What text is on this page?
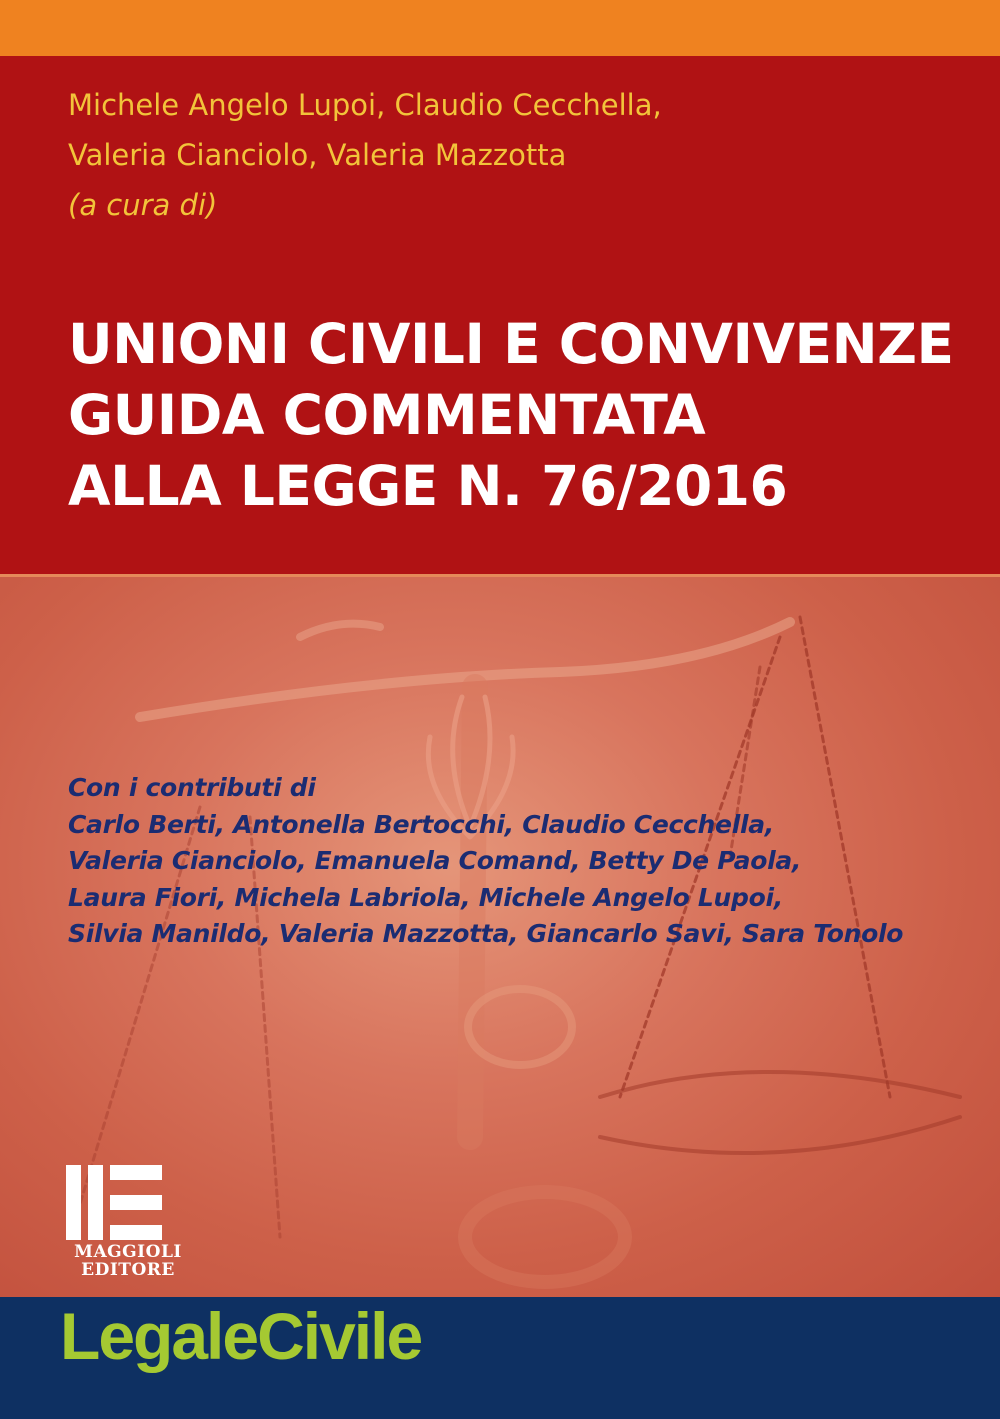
Michele Angelo Lupoi, Claudio Cecchella,
Valeria Cianciolo, Valeria Mazzotta
(a cura di)
UNIONI CIVILI E CONVIVENZE
GUIDA COMMENTATA
ALLA LEGGE N. 76/2016
Con i contributi di
Carlo Berti, Antonella Bertocchi, Claudio Cecchella,
Valeria Cianciolo, Emanuela Comand, Betty De Paola,
Laura Fiori, Michela Labriola, Michele Angelo Lupoi,
Silvia Manildo, Valeria Mazzotta, Giancarlo Savi, Sara Tonolo
MAGGIOLI
EDITORE
LegaleCivile
